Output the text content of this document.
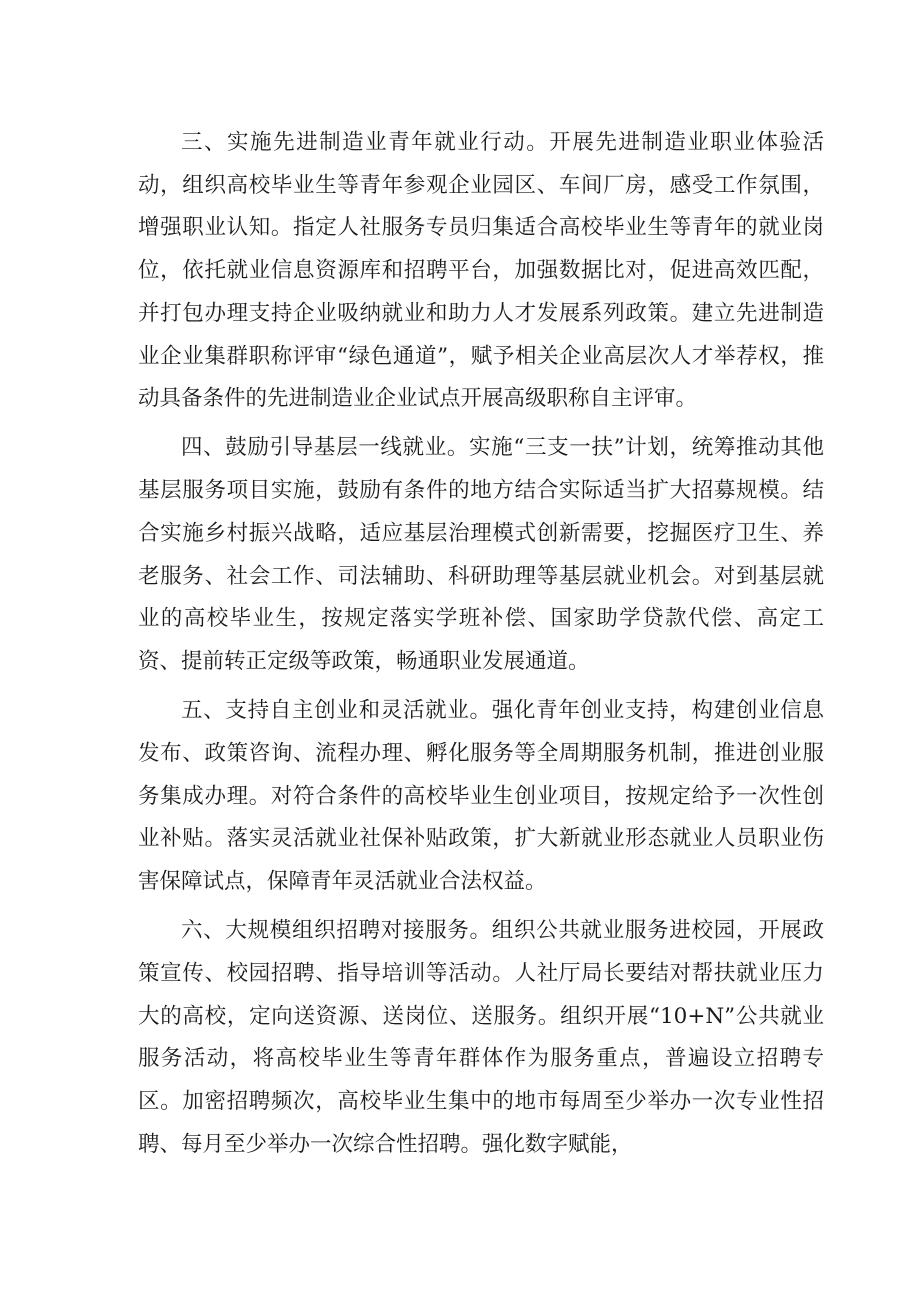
三、实施先进制造业青年就业行动。开展先进制造业职业体验活动，组织高校毕业生等青年参观企业园区、车间厂房，感受工作氛围，增强职业认知。指定人社服务专员归集适合高校毕业生等青年的就业岗位，依托就业信息资源库和招聘平台，加强数据比对，促进高效匹配，并打包办理支持企业吸纳就业和助力人才发展系列政策。建立先进制造业企业集群职称评审“绿色通道”，赋予相关企业高层次人才举荐权，推动具备条件的先进制造业企业试点开展高级职称自主评审。

四、鼓励引导基层一线就业。实施“三支一扶”计划，统筹推动其他基层服务项目实施，鼓励有条件的地方结合实际适当扩大招募规模。结合实施乡村振兴战略，适应基层治理模式创新需要，挖掘医疗卫生、养老服务、社会工作、司法辅助、科研助理等基层就业机会。对到基层就业的高校毕业生，按规定落实学班补偿、国家助学贷款代偿、高定工资、提前转正定级等政策，畅通职业发展通道。

五、支持自主创业和灵活就业。强化青年创业支持，构建创业信息发布、政策咨询、流程办理、孵化服务等全周期服务机制，推进创业服务集成办理。对符合条件的高校毕业生创业项目，按规定给予一次性创业补贴。落实灵活就业社保补贴政策，扩大新就业形态就业人员职业伤害保障试点，保障青年灵活就业合法权益。

六、大规模组织招聘对接服务。组织公共就业服务进校园，开展政策宣传、校园招聘、指导培训等活动。人社厅局长要结对帮扶就业压力大的高校，定向送资源、送岗位、送服务。组织开展“10+N”公共就业服务活动，将高校毕业生等青年群体作为服务重点，普遍设立招聘专区。加密招聘频次，高校毕业生集中的地市每周至少举办一次专业性招聘、每月至少举办一次综合性招聘。强化数字赋能，
